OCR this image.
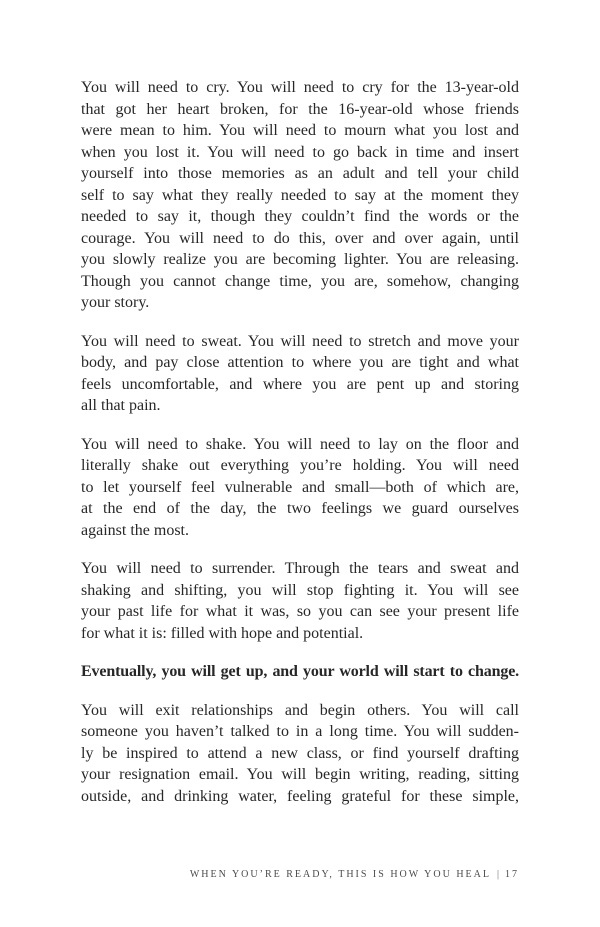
You will need to cry. You will need to cry for the 13-year-old
that got her heart broken, for the 16-year-old whose friends
were mean to him. You will need to mourn what you lost and
when you lost it. You will need to go back in time and insert
yourself into those memories as an adult and tell your child
self to say what they really needed to say at the moment they
needed to say it, though they couldn’t find the words or the
courage. You will need to do this, over and over again, until
you slowly realize you are becoming lighter. You are releasing.
Though you cannot change time, you are, somehow, changing
your story.

You will need to sweat. You will need to stretch and move your
body, and pay close attention to where you are tight and what
feels uncomfortable, and where you are pent up and storing
all that pain.

You will need to shake. You will need to lay on the floor and
literally shake out everything you’re holding. You will need
to let yourself feel vulnerable and small—both of which are,
at the end of the day, the two feelings we guard ourselves
against the most.

You will need to surrender. Through the tears and sweat and
shaking and shifting, you will stop fighting it. You will see
your past life for what it was, so you can see your present life
for what it is: filled with hope and potential.

Eventually, you will get up, and your world will start to change.

You will exit relationships and begin others. You will call
someone you haven’t talked to in a long time. You will sudden-
ly be inspired to attend a new class, or find yourself drafting
your resignation email. You will begin writing, reading, sitting
outside, and drinking water, feeling grateful for these simple,

WHEN YOU’RE READY, THIS IS HOW YOU HEAL | 17
